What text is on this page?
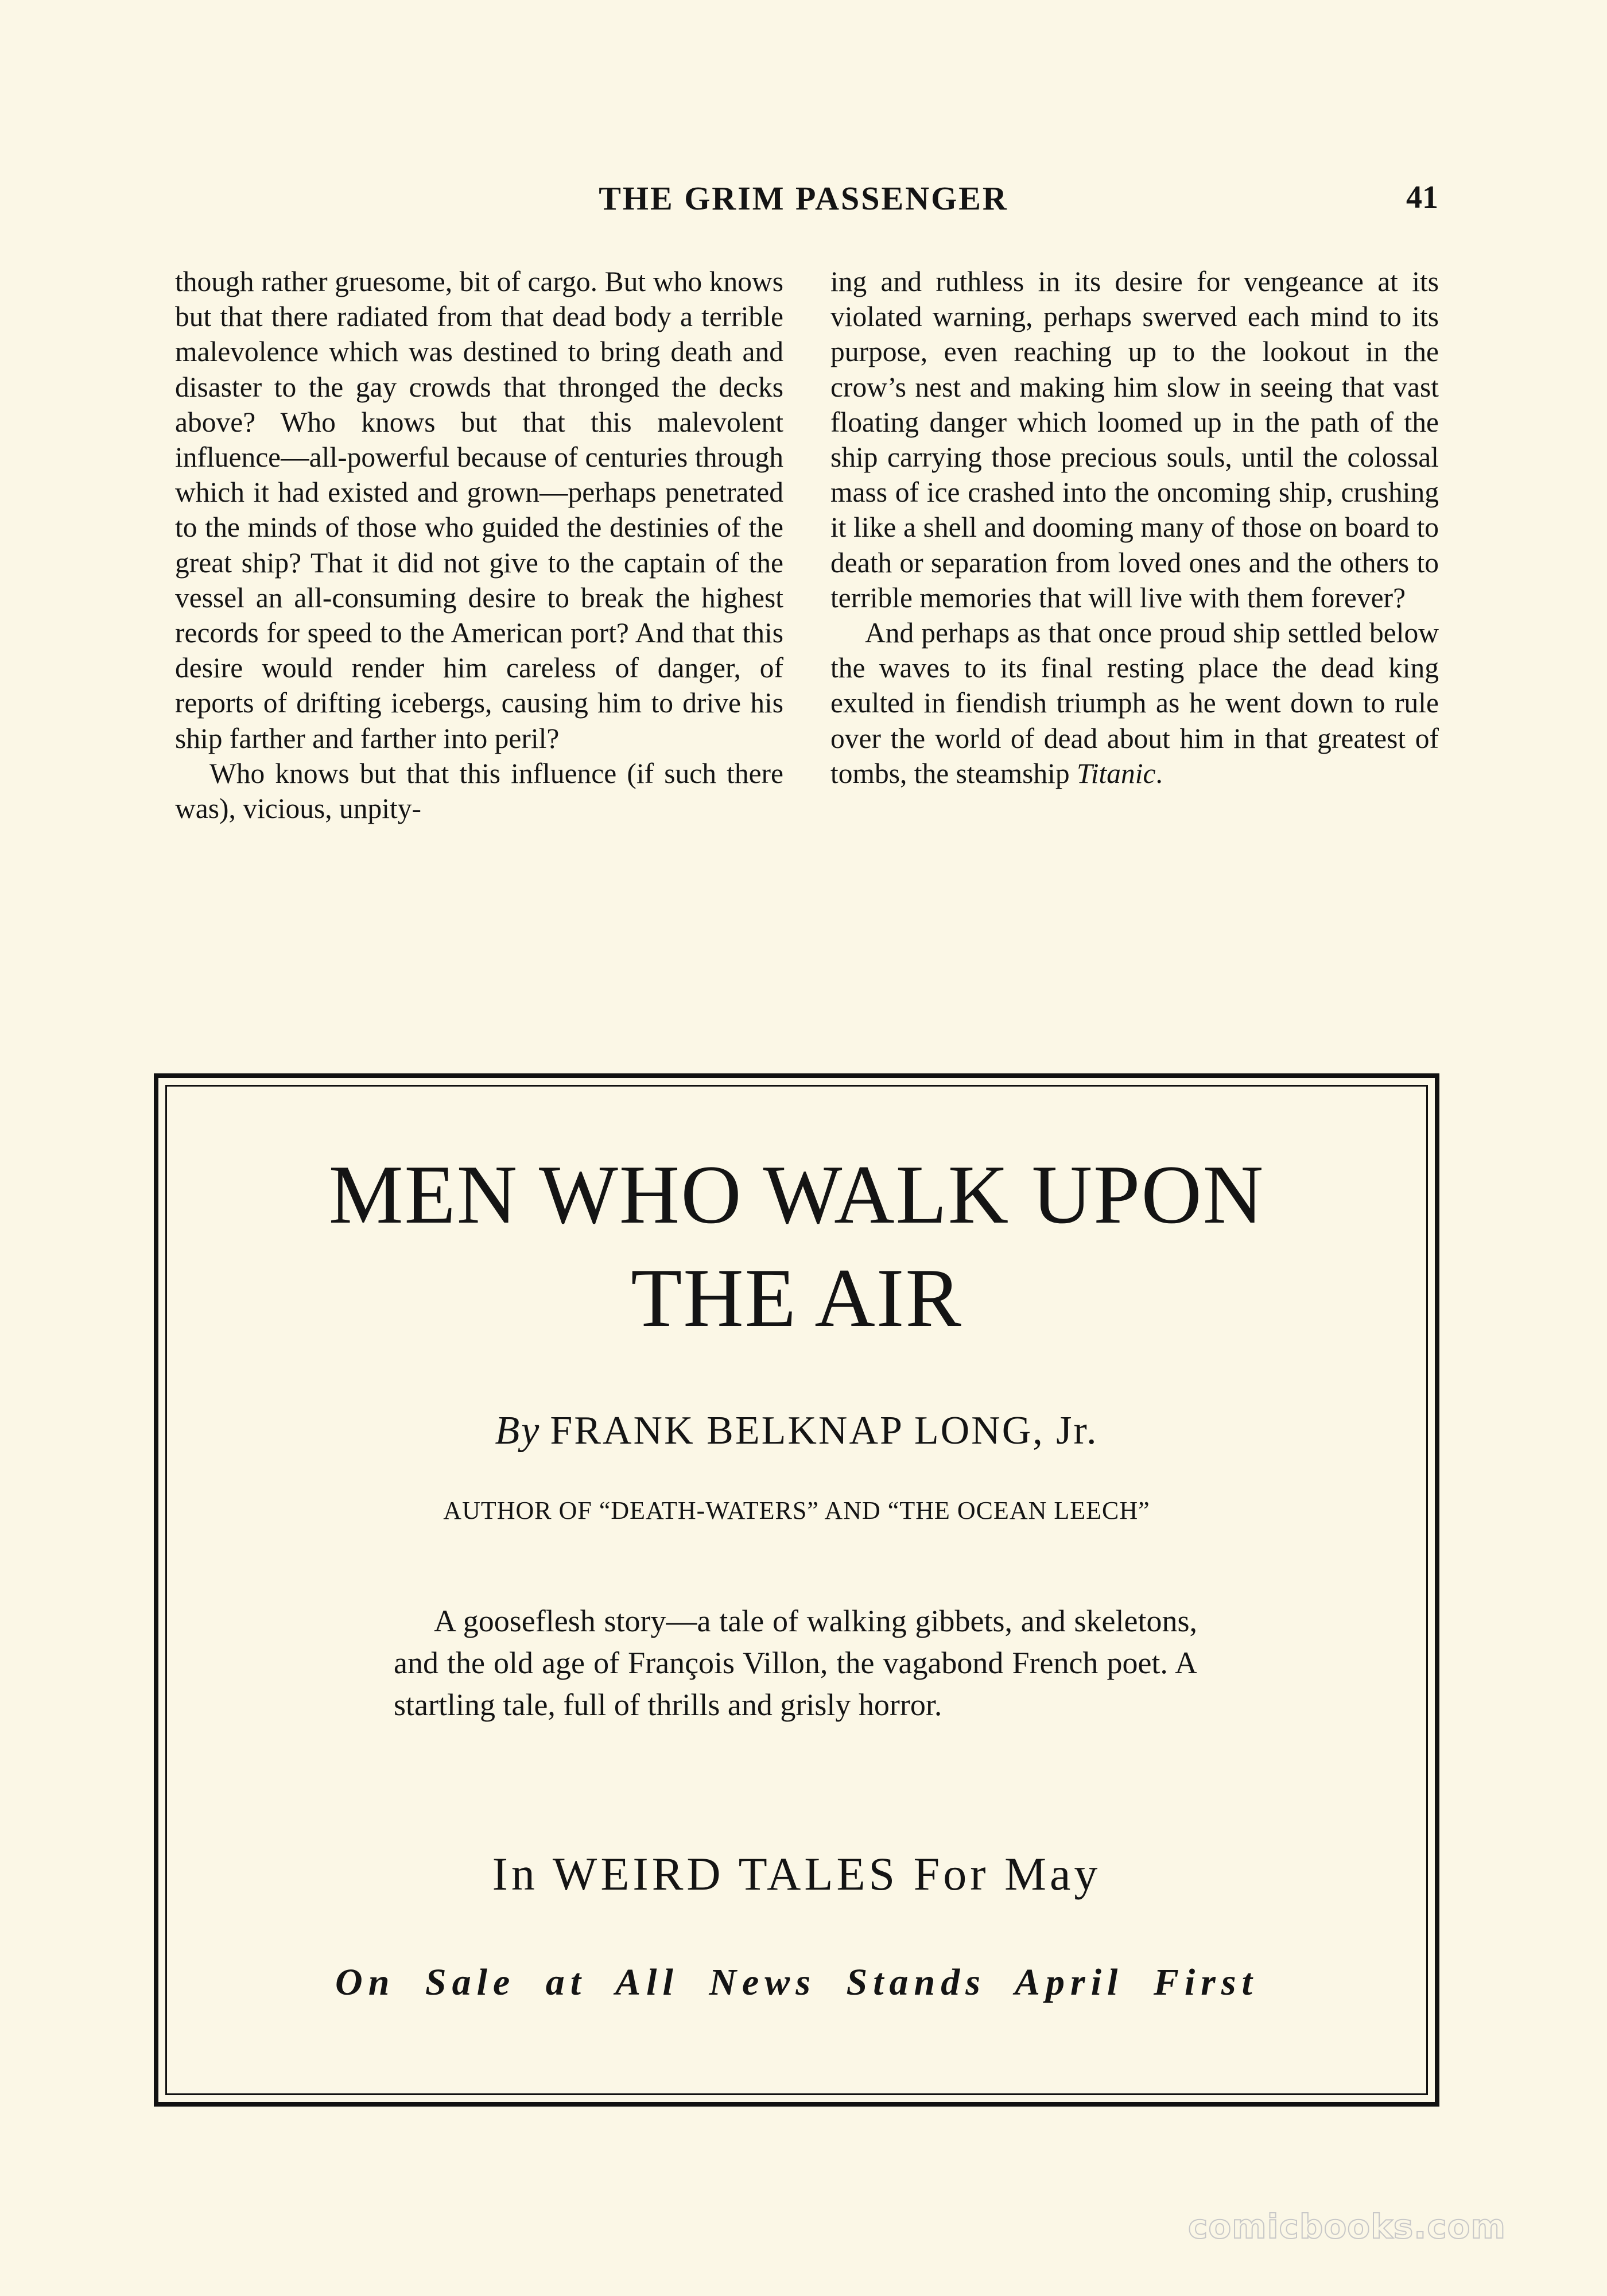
THE GRIM PASSENGER	41

though rather gruesome, bit of cargo. But who knows but that there radiated from that dead body a terrible malevolence which was destined to bring death and disaster to the gay crowds that thronged the decks above? Who knows but that this malevolent influence—all-powerful because of centuries through which it had existed and grown—perhaps penetrated to the minds of those who guided the destinies of the great ship? That it did not give to the captain of the vessel an all-consuming desire to break the highest records for speed to the American port? And that this desire would render him careless of danger, of reports of drifting icebergs, causing him to drive his ship farther and farther into peril?

Who knows but that this influence (if such there was), vicious, unpity-

ing and ruthless in its desire for vengeance at its violated warning, perhaps swerved each mind to its purpose, even reaching up to the lookout in the crow’s nest and making him slow in seeing that vast floating danger which loomed up in the path of the ship carrying those precious souls, until the colossal mass of ice crashed into the oncoming ship, crushing it like a shell and dooming many of those on board to death or separation from loved ones and the others to terrible memories that will live with them forever?

And perhaps as that once proud ship settled below the waves to its final resting place the dead king exulted in fiendish triumph as he went down to rule over the world of dead about him in that greatest of tombs, the steamship Titanic.

MEN WHO WALK UPON
THE AIR
By FRANK BELKNAP LONG, Jr.
AUTHOR OF “DEATH-WATERS” AND “THE OCEAN LEECH”
A gooseflesh story—a tale of walking gibbets, and skeletons, and the old age of François Villon, the vagabond French poet. A startling tale, full of thrills and grisly horror.
In WEIRD TALES For May
On Sale at All News Stands April First
comicbooks.com
